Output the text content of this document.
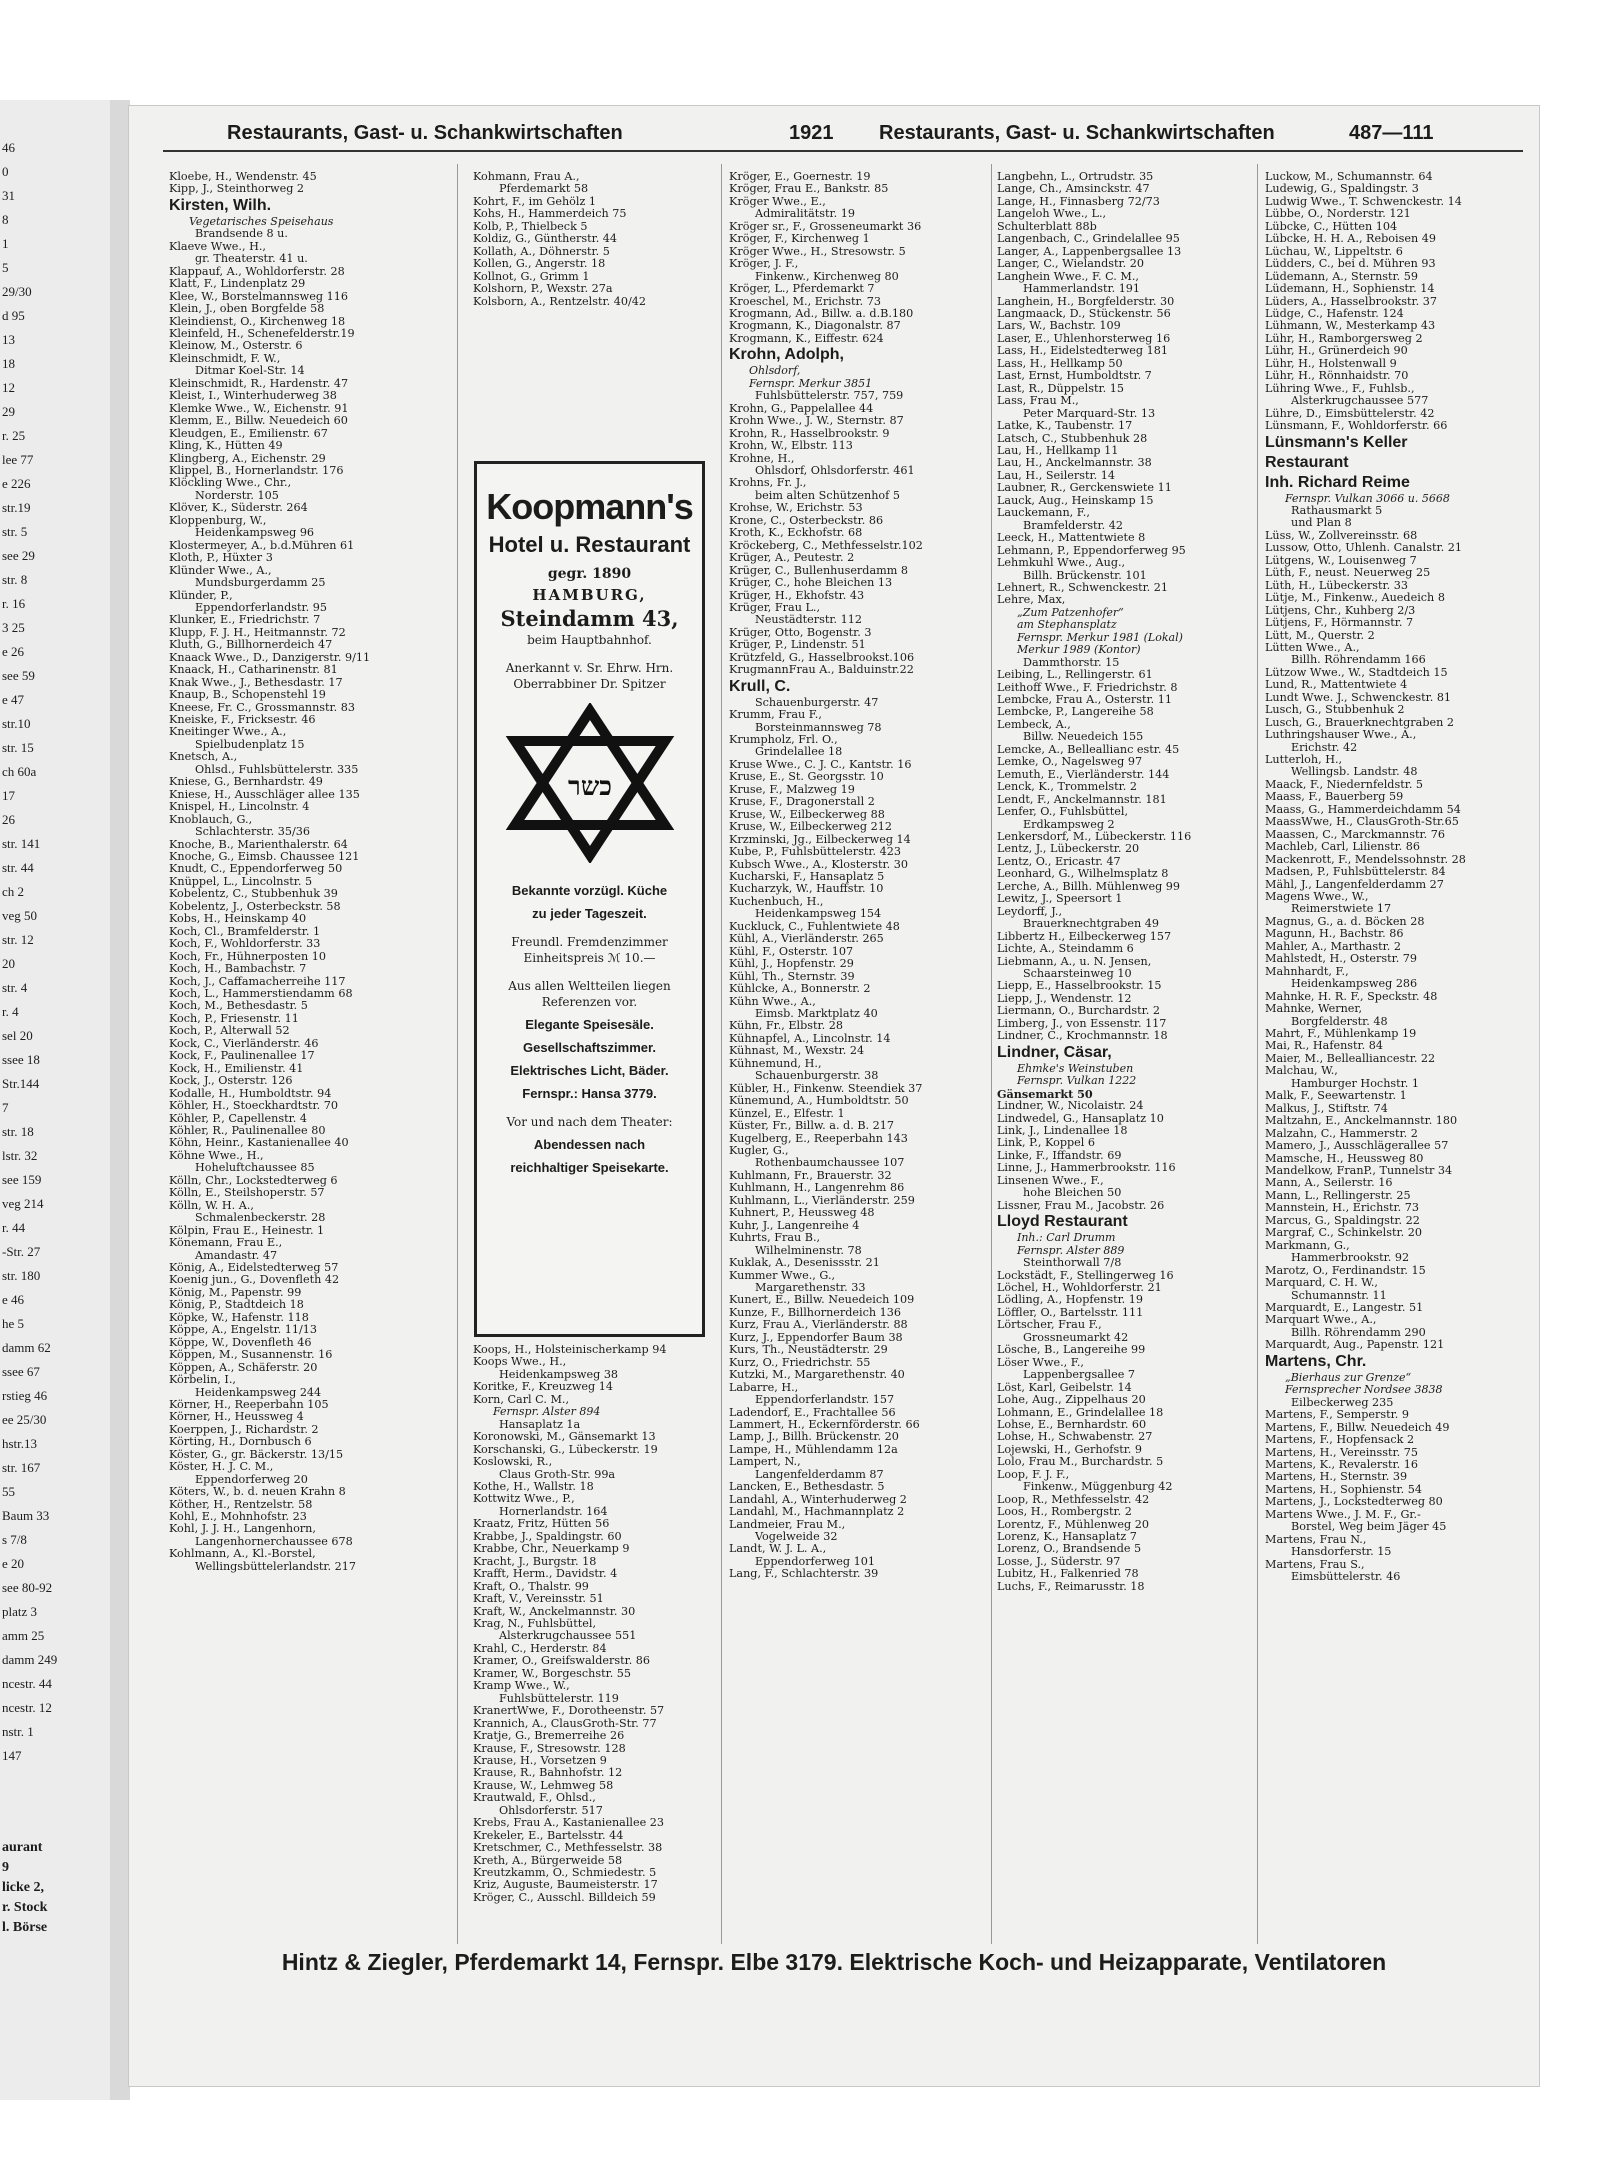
46
0
31
8
1
5
29/30
d 95
13
18
12
29
r. 25
lee 77
e 226
str.19
str. 5
see 29
str. 8
r. 16
3 25
e 26
see 59
e 47
str.10
str. 15
ch 60a
17
26
str. 141
str. 44
ch 2
veg 50
str. 12
20
str. 4
r. 4
sel 20
ssee 18
Str.144
7
str. 18
lstr. 32
see 159
veg 214
r. 44
-Str. 27
str. 180
e 46
he 5
damm 62
ssee 67
rstieg 46
ee 25/30
hstr.13
str. 167
55
Baum 33
s 7/8
e 20
see 80-92
platz 3
amm 25
damm 249
ncestr. 44
ncestr. 12
nstr. 1
147
aurant
9
licke 2,
r. Stock
l. Börse
Restaurants, Gast- u. Schankwirtschaften	1921 Restaurants, Gast- u. Schankwirtschaften	487—111
Kloebe, H., Wendenstr. 45
Kipp, J., Steinthorweg 2
Kirsten, Wilh.
Vegetarisches Speisehaus
Brandsende 8 u.
Klaeve Wwe., H.,
gr. Theaterstr. 41 u.
Klappauf, A., Wohldorferstr. 28
Klatt, F., Lindenplatz 29
Klee, W., Borstelmannsweg 116
Klein, J., oben Borgfelde 58
Kleindienst, O., Kirchenweg 18
Kleinfeld, H., Schenefelderstr.19
Kleinow, M., Osterstr. 6
Kleinschmidt, F. W.,
Ditmar Koel-Str. 14
Kleinschmidt, R., Hardenstr. 47
Kleist, I., Winterhuderweg 38
Klemke Wwe., W., Eichenstr. 91
Klemm, E., Billw. Neuedeich 60
Kleudgen, E., Emilienstr. 67
Kling, K., Hütten 49
Klingberg, A., Eichenstr. 29
Klippel, B., Hornerlandstr. 176
Klöckling Wwe., Chr.,
Norderstr. 105
Klöver, K., Süderstr. 264
Kloppenburg, W.,
Heidenkampsweg 96
Klostermeyer, A., b.d.Mühren 61
Kloth, P., Hüxter 3
Klünder Wwe., A.,
Mundsburgerdamm 25
Klünder, P.,
Eppendorferlandstr. 95
Klunker, E., Friedrichstr. 7
Klupp, F. J. H., Heitmannstr. 72
Kluth, G., Billhornerdeich 47
Knaack Wwe., D., Danzigerstr. 9/11
Knaack, H., Catharinenstr. 81
Knak Wwe., J., Bethesdastr. 17
Knaup, B., Schopenstehl 19
Kneese, Fr. C., Grossmannstr. 83
Kneiske, F., Fricksestr. 46
Kneitinger Wwe., A.,
Spielbudenplatz 15
Knetsch, A.,
Ohlsd., Fuhlsbüttelerstr. 335
Kniese, G., Bernhardstr. 49
Kniese, H., Ausschläger allee 135
Knispel, H., Lincolnstr. 4
Knoblauch, G.,
Schlachterstr. 35/36
Knoche, B., Marienthalerstr. 64
Knoche, G., Eimsb. Chaussee 121
Knudt, C., Eppendorferweg 50
Knüppel, L., Lincolnstr. 5
Kobelentz, C., Stubbenhuk 39
Kobelentz, J., Osterbeckstr. 58
Kobs, H., Heinskamp 40
Koch, Cl., Bramfelderstr. 1
Koch, F., Wohldorferstr. 33
Koch, Fr., Hühnerposten 10
Koch, H., Bambachstr. 7
Koch, J., Caffamacherreihe 117
Koch, L., Hammerstiendamm 68
Koch, M., Bethesdastr. 5
Koch, P., Friesenstr. 11
Koch, P., Alterwall 52
Kock, C., Vierländerstr. 46
Kock, F., Paulinenallee 17
Kock, H., Emilienstr. 41
Kock, J., Osterstr. 126
Kodalle, H., Humboldtstr. 94
Köhler, H., Stoeckhardtstr. 70
Köhler, P., Capellenstr. 4
Köhler, R., Paulinenallee 80
Köhn, Heinr., Kastanienallee 40
Köhne Wwe., H.,
Hoheluftchaussee 85
Kölln, Chr., Lockstedterweg 6
Kölln, E., Steilshoperstr. 57
Kölln, W. H. A.,
Schmalenbeckerstr. 28
Kölpin, Frau E., Heinestr. 1
Könemann, Frau E.,
Amandastr. 47
König, A., Eidelstedterweg 57
Koenig jun., G., Dovenfleth 42
König, M., Papenstr. 99
König, P., Stadtdeich 18
Köpke, W., Hafenstr. 118
Köppe, A., Engelstr. 11/13
Köppe, W., Dovenfleth 46
Köppen, M., Susannenstr. 16
Köppen, A., Schäferstr. 20
Körbelin, I.,
Heidenkampsweg 244
Körner, H., Reeperbahn 105
Körner, H., Heussweg 4
Koerppen, J., Richardstr. 2
Körting, H., Dornbusch 6
Köster, G., gr. Bäckerstr. 13/15
Köster, H. J. C. M.,
Eppendorferweg 20
Köters, W., b. d. neuen Krahn 8
Köther, H., Rentzelstr. 58
Kohl, E., Mohnhofstr. 23
Kohl, J. J. H., Langenhorn,
Langenhornerchaussee 678
Kohlmann, A., Kl.-Borstel,
Wellingsbüttelerlandstr. 217
Kohmann, Frau A.,
Pferdemarkt 58
Kohrt, F., im Gehölz 1
Kohs, H., Hammerdeich 75
Kolb, P., Thielbeck 5
Koldiz, G., Güntherstr. 44
Kollath, A., Döhnerstr. 5
Kollen, G., Angerstr. 18
Kollnot, G., Grimm 1
Kolshorn, P., Wexstr. 27a
Kolsborn, A., Rentzelstr. 40/42
Koops, H., Holsteinischerkamp 94
Koops Wwe., H.,
Heidenkampsweg 38
Koritke, F., Kreuzweg 14
Korn, Carl C. M.,
Fernspr. Alster 894
Hansaplatz 1a
Koronowski, M., Gänsemarkt 13
Korschanski, G., Lübeckerstr. 19
Koslowski, R.,
Claus Groth-Str. 99a
Kothe, H., Wallstr. 18
Kottwitz Wwe., P.,
Hornerlandstr. 164
Kraatz, Fritz, Hütten 56
Krabbe, J., Spaldingstr. 60
Krabbe, Chr., Neuerkamp 9
Kracht, J., Burgstr. 18
Krafft, Herm., Davidstr. 4
Kraft, O., Thalstr. 99
Kraft, V., Vereinsstr. 51
Kraft, W., Anckelmannstr. 30
Krag, N., Fuhlsbüttel,
Alsterkrugchaussee 551
Krahl, C., Herderstr. 84
Kramer, O., Greifswalderstr. 86
Kramer, W., Borgeschstr. 55
Kramp Wwe., W.,
Fuhlsbüttelerstr. 119
KranertWwe, F., Dorotheenstr. 57
Krannich, A., ClausGroth-Str. 77
Kratje, G., Bremerreihe 26
Krause, F., Stresowstr. 128
Krause, H., Vorsetzen 9
Krause, R., Bahnhofstr. 12
Krause, W., Lehmweg 58
Krautwald, F., Ohlsd.,
Ohlsdorferstr. 517
Krebs, Frau A., Kastanienallee 23
Krekeler, E., Bartelsstr. 44
Kretschmer, C., Methfesselstr. 38
Kreth, A., Bürgerweide 58
Kreutzkamm, O., Schmiedestr. 5
Kriz, Auguste, Baumeisterstr. 17
Kröger, C., Ausschl. Billdeich 59
Kröger, E., Goernestr. 19
Kröger, Frau E., Bankstr. 85
Kröger Wwe., E.,
Admiralitätstr. 19
Kröger sr., F., Grosseneumarkt 36
Kröger, F., Kirchenweg 1
Kröger Wwe., H., Stresowstr. 5
Kröger, J. F.,
Finkenw., Kirchenweg 80
Kröger, L., Pferdemarkt 7
Kroeschel, M., Erichstr. 73
Krogmann, Ad., Billw. a. d.B.180
Krogmann, K., Diagonalstr. 87
Krogmann, K., Eiffestr. 624
Krohn, Adolph,
Ohlsdorf,
Fernspr. Merkur 3851
Fuhlsbüttelerstr. 757, 759
Krohn, G., Pappelallee 44
Krohn Wwe., J. W., Sternstr. 87
Krohn, R., Hasselbrookstr. 9
Krohn, W., Elbstr. 113
Krohne, H.,
Ohlsdorf, Ohlsdorferstr. 461
Krohns, Fr. J.,
beim alten Schützenhof 5
Krohse, W., Erichstr. 53
Krone, C., Osterbeckstr. 86
Kroth, K., Eckhofstr. 68
Kröckeberg, C., Methfesselstr.102
Krüger, A., Peutestr. 2
Krüger, C., Bullenhuserdamm 8
Krüger, C., hohe Bleichen 13
Krüger, H., Ekhofstr. 43
Krüger, Frau L.,
Neustädterstr. 112
Krüger, Otto, Bogenstr. 3
Krüger, P., Lindenstr. 51
Krützfeld, G., Hasselbrookst.106
KrugmannFrau A., Balduinstr.22
Krull, C.
Schauenburgerstr. 47
Krumm, Frau F.,
Borsteinmannsweg 78
Krumpholz, Frl. O.,
Grindelallee 18
Kruse Wwe., C. J. C., Kantstr. 16
Kruse, E., St. Georgsstr. 10
Kruse, F., Malzweg 19
Kruse, F., Dragonerstall 2
Kruse, W., Eilbeckerweg 88
Kruse, W., Eilbeckerweg 212
Krzminski, Jg., Eilbeckerweg 14
Kube, P., Fuhlsbüttelerstr. 423
Kubsch Wwe., A., Klosterstr. 30
Kucharski, F., Hansaplatz 5
Kucharzyk, W., Hauffstr. 10
Kuchenbuch, H.,
Heidenkampsweg 154
Kuckluck, C., Fuhlentwiete 48
Kühl, A., Vierländerstr. 265
Kühl, F., Osterstr. 107
Kühl, J., Hopfenstr. 29
Kühl, Th., Sternstr. 39
Kühlcke, A., Bonnerstr. 2
Kühn Wwe., A.,
Eimsb. Marktplatz 40
Kühn, Fr., Elbstr. 28
Kühnapfel, A., Lincolnstr. 14
Kühnast, M., Wexstr. 24
Kühnemund, H.,
Schauenburgerstr. 38
Kübler, H., Finkenw. Steendiek 37
Künemund, A., Humboldtstr. 50
Künzel, E., Elfestr. 1
Küster, Fr., Billw. a. d. B. 217
Kugelberg, E., Reeperbahn 143
Kugler, G.,
Rothenbaumchaussee 107
Kuhlmann, Fr., Brauerstr. 32
Kuhlmann, H., Langenrehm 86
Kuhlmann, L., Vierländerstr. 259
Kuhnert, P., Heussweg 48
Kuhr, J., Langenreihe 4
Kuhrts, Frau B.,
Wilhelminenstr. 78
Kuklak, A., Desenissstr. 21
Kummer Wwe., G.,
Margarethenstr. 33
Kunert, E., Billw. Neuedeich 109
Kunze, F., Billhornerdeich 136
Kurz, Frau A., Vierländerstr. 88
Kurz, J., Eppendorfer Baum 38
Kurs, Th., Neustädterstr. 29
Kurz, O., Friedrichstr. 55
Kutzki, M., Margarethenstr. 40
Labarre, H.,
Eppendorferlandstr. 157
Ladendorf, E., Frachtallee 56
Lammert, H., Eckernförderstr. 66
Lamp, J., Billh. Brückenstr. 20
Lampe, H., Mühlendamm 12a
Lampert, N.,
Langenfelderdamm 87
Lancken, E., Bethesdastr. 5
Landahl, A., Winterhuderweg 2
Landahl, M., Hachmannplatz 2
Landmeier, Frau M.,
Vogelweide 32
Landt, W. J. L. A.,
Eppendorferweg 101
Lang, F., Schlachterstr. 39
Langbehn, L., Ortrudstr. 35
Lange, Ch., Amsinckstr. 47
Lange, H., Finnasberg 72/73
Langeloh Wwe., L.,
Schulterblatt 88b
Langenbach, C., Grindelallee 95
Langer, A., Lappenbergsallee 13
Langer, C., Wielandstr. 20
Langhein Wwe., F. C. M.,
Hammerlandstr. 191
Langhein, H., Borgfelderstr. 30
Langmaack, D., Stückenstr. 56
Lars, W., Bachstr. 109
Laser, E., Uhlenhorsterweg 16
Lass, H., Eidelstedterweg 181
Lass, H., Hellkamp 50
Last, Ernst, Humboldtstr. 7
Last, R., Düppelstr. 15
Lass, Frau M.,
Peter Marquard-Str. 13
Latke, K., Taubenstr. 17
Latsch, C., Stubbenhuk 28
Lau, H., Hellkamp 11
Lau, H., Anckelmannstr. 38
Lau, H., Seilerstr. 14
Laubner, R., Gerckenswiete 11
Lauck, Aug., Heinskamp 15
Lauckemann, F.,
Bramfelderstr. 42
Leeck, H., Mattentwiete 8
Lehmann, P., Eppendorferweg 95
Lehmkuhl Wwe., Aug.,
Billh. Brückenstr. 101
Lehnert, R., Schwenckestr. 21
Lehre, Max,
„Zum Patzenhofer“
am Stephansplatz
Fernspr. Merkur 1981 (Lokal)
Merkur 1989 (Kontor)
Dammthorstr. 15
Leibing, L., Rellingerstr. 61
Leithoff Wwe., F. Friedrichstr. 8
Lembcke, Frau A., Osterstr. 11
Lembcke, P., Langereihe 58
Lembeck, A.,
Billw. Neuedeich 155
Lemcke, A., Belleallianc estr. 45
Lemke, O., Nagelsweg 97
Lemuth, E., Vierländerstr. 144
Lenck, K., Trommelstr. 2
Lendt, F., Anckelmannstr. 181
Lenfer, O., Fuhlsbüttel,
Erdkampsweg 2
Lenkersdorf, M., Lübeckerstr. 116
Lentz, J., Lübeckerstr. 20
Lentz, O., Ericastr. 47
Leonhard, G., Wilhelmsplatz 8
Lerche, A., Billh. Mühlenweg 99
Lewitz, J., Speersort 1
Leydorff, J.,
Brauerknechtgraben 49
Libbertz H., Eilbeckerweg 157
Lichte, A., Steindamm 6
Liebmann, A., u. N. Jensen,
Schaarsteinweg 10
Liepp, E., Hasselbrookstr. 15
Liepp, J., Wendenstr. 12
Liermann, O., Burchardstr. 2
Limberg, J., von Essenstr. 117
Lindner, C., Krochmannstr. 18
Lindner, Cäsar,
Ehmke's Weinstuben
Fernspr. Vulkan 1222
Gänsemarkt 50
Lindner, W., Nicolaistr. 24
Lindwedel, G., Hansaplatz 10
Link, J., Lindenallee 18
Link, P., Koppel 6
Linke, F., Iffandstr. 69
Linne, J., Hammerbrookstr. 116
Linsenen Wwe., F.,
hohe Bleichen 50
Lissner, Frau M., Jacobstr. 26
Lloyd Restaurant
Inh.: Carl Drumm
Fernspr. Alster 889
Steinthorwall 7/8
Lockstädt, F., Stellingerweg 16
Löchel, H., Wohldorferstr. 21
Lödling, A., Hopfenstr. 19
Löffler, O., Bartelsstr. 111
Lörtscher, Frau F.,
Grossneumarkt 42
Lösche, B., Langereihe 99
Löser Wwe., F.,
Lappenbergsallee 7
Löst, Karl, Geibelstr. 14
Lohe, Aug., Zippelhaus 20
Lohmann, E., Grindelallee 18
Lohse, E., Bernhardstr. 60
Lohse, H., Schwabenstr. 27
Lojewski, H., Gerhofstr. 9
Lolo, Frau M., Burchardstr. 5
Loop, F. J. F.,
Finkenw., Müggenburg 42
Loop, R., Methfesselstr. 42
Loos, H., Rombergstr. 2
Lorentz, F., Mühlenweg 20
Lorenz, K., Hansaplatz 7
Lorenz, O., Brandsende 5
Losse, J., Süderstr. 97
Lubitz, H., Falkenried 78
Luchs, F., Reimarusstr. 18
Luckow, M., Schumannstr. 64
Ludewig, G., Spaldingstr. 3
Ludwig Wwe., T. Schwenckestr. 14
Lübbe, O., Norderstr. 121
Lübcke, C., Hütten 104
Lübcke, H. H. A., Reboisen 49
Lüchau, W., Lippeltstr. 6
Lüdders, C., bei d. Mühren 93
Lüdemann, A., Sternstr. 59
Lüdemann, H., Sophienstr. 14
Lüders, A., Hasselbrookstr. 37
Lüdge, C., Hafenstr. 124
Lühmann, W., Mesterkamp 43
Lühr, H., Ramborgersweg 2
Lühr, H., Grünerdeich 90
Lühr, H., Holstenwall 9
Lühr, H., Rönnhaidstr. 70
Lühring Wwe., F., Fuhlsb.,
Alsterkrugchaussee 577
Lühre, D., Eimsbüttelerstr. 42
Lünsmann, F., Wohldorferstr. 66
Lünsmann's Keller
Restaurant
Inh. Richard Reime
Fernspr. Vulkan 3066 u. 5668
Rathausmarkt 5
und Plan 8
Lüss, W., Zollvereinsstr. 68
Lussow, Otto, Uhlenh. Canalstr. 21
Lütgens, W., Louisenweg 7
Lüth, F., neust. Neuerweg 25
Lüth, H., Lübeckerstr. 33
Lütje, M., Finkenw., Auedeich 8
Lütjens, Chr., Kuhberg 2/3
Lütjens, F., Hörmannstr. 7
Lütt, M., Querstr. 2
Lütten Wwe., A.,
Billh. Röhrendamm 166
Lützow Wwe., W., Stadtdeich 15
Lund, R., Mattentwiete 4
Lundt Wwe. J., Schwenckestr. 81
Lusch, G., Stubbenhuk 2
Lusch, G., Brauerknechtgraben 2
Luthringshauser Wwe., A.,
Erichstr. 42
Lutterloh, H.,
Wellingsb. Landstr. 48
Maack, F., Niedernfeldstr. 5
Maass, F., Bauerberg 59
Maass, G., Hammerdeichdamm 54
MaassWwe, H., ClausGroth-Str.65
Maassen, C., Marckmannstr. 76
Machleb, Carl, Lilienstr. 86
Mackenrott, F., Mendelssohnstr. 28
Madsen, P., Fuhlsbüttelerstr. 84
Mähl, J., Langenfelderdamm 27
Magens Wwe., W.,
Reimerstwiete 17
Magnus, G., a. d. Böcken 28
Magunn, H., Bachstr. 86
Mahler, A., Marthastr. 2
Mahlstedt, H., Osterstr. 79
Mahnhardt, F.,
Heidenkampsweg 286
Mahnke, H. R. F., Speckstr. 48
Mahnke, Werner,
Borgfelderstr. 48
Mahrt, F., Mühlenkamp 19
Mai, R., Hafenstr. 84
Maier, M., Bellealliancestr. 22
Malchau, W.,
Hamburger Hochstr. 1
Malk, F., Seewartenstr. 1
Malkus, J., Stiftstr. 74
Maltzahn, E., Anckelmannstr. 180
Malzahn, C., Hammerstr. 2
Mamero, J., Ausschlägerallee 57
Mamsche, H., Heussweg 80
Mandelkow, FranP., Tunnelstr 34
Mann, A., Seilerstr. 16
Mann, L., Rellingerstr. 25
Mannstein, H., Erichstr. 73
Marcus, G., Spaldingstr. 22
Margraf, C., Schinkelstr. 20
Markmann, G.,
Hammerbrookstr. 92
Marotz, O., Ferdinandstr. 15
Marquard, C. H. W.,
Schumannstr. 11
Marquardt, E., Langestr. 51
Marquart Wwe., A.,
Billh. Röhrendamm 290
Marquardt, Aug., Papenstr. 121
Martens, Chr.
„Bierhaus zur Grenze“
Fernsprecher Nordsee 3838
Eilbeckerweg 235
Martens, F., Semperstr. 9
Martens, F., Billw. Neuedeich 49
Martens, F., Hopfensack 2
Martens, H., Vereinsstr. 75
Martens, K., Revalerstr. 16
Martens, H., Sternstr. 39
Martens, H., Sophienstr. 54
Martens, J., Lockstedterweg 80
Martens Wwe., J. M. F., Gr.-
Borstel, Weg beim Jäger 45
Martens, Frau N.,
Hansdorferstr. 15
Martens, Frau S.,
Eimsbüttelerstr. 46
Koopmann's
Hotel u. Restaurant
gegr. 1890
HAMBURG,
Steindamm 43,
beim Hauptbahnhof.
Anerkannt v. Sr. Ehrw. Hrn.
Oberrabbiner Dr. Spitzer
כשר
Bekannte vorzügl. Küche
zu jeder Tageszeit.
Freundl. Fremdenzimmer
Einheitspreis ℳ 10.—
Aus allen Weltteilen liegen
Referenzen vor.
Elegante Speisesäle.
Gesellschaftszimmer.
Elektrisches Licht, Bäder.
Fernspr.: Hansa 3779.
Vor und nach dem Theater:
Abendessen nach
reichhaltiger Speisekarte.
Hintz & Ziegler, Pferdemarkt 14, Fernspr. Elbe 3179. Elektrische Koch- und Heizapparate, Ventilatoren
